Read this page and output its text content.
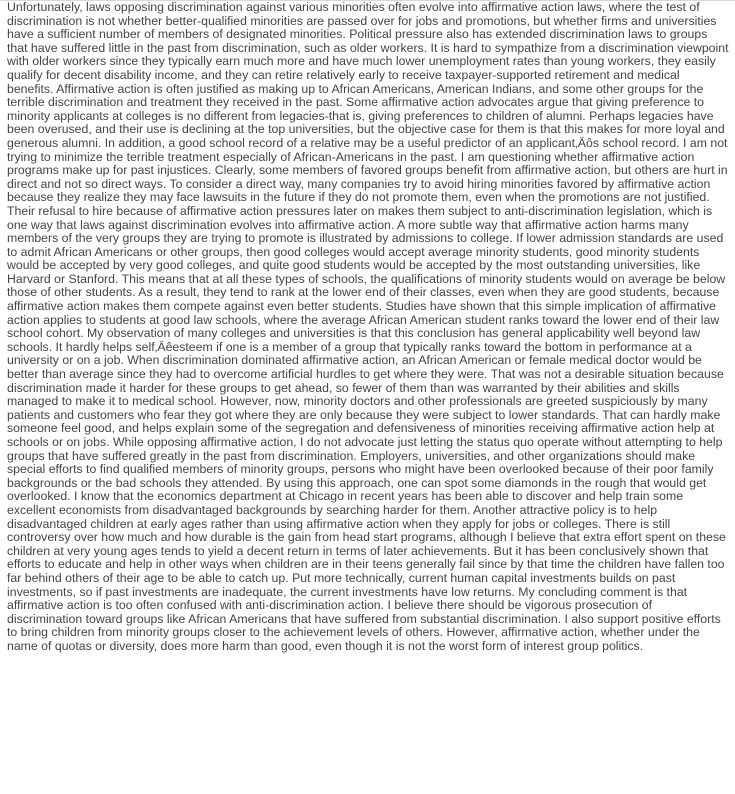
Unfortunately, laws opposing discrimination against various minorities often evolve into affirmative action laws, where the test of discrimination is not whether better-qualified minorities are passed over for jobs and promotions, but whether firms and universities have a sufficient number of members of designated minorities. Political pressure also has extended discrimination laws to groups that have suffered little in the past from discrimination, such as older workers. It is hard to sympathize from a discrimination viewpoint with older workers since they typically earn much more and have much lower unemployment rates than young workers, they easily qualify for decent disability income, and they can retire relatively early to receive taxpayer-supported retirement and medical benefits. Affirmative action is often justified as making up to African Americans, American Indians, and some other groups for the terrible discrimination and treatment they received in the past. Some affirmative action advocates argue that giving preference to minority applicants at colleges is no different from legacies-that is, giving preferences to children of alumni. Perhaps legacies have been overused, and their use is declining at the top universities, but the objective case for them is that this makes for more loyal and generous alumni. In addition, a good school record of a relative may be a useful predictor of an applicant‚Äôs school record. I am not trying to minimize the terrible treatment especially of African-Americans in the past. I am questioning whether affirmative action programs make up for past injustices. Clearly, some members of favored groups benefit from affirmative action, but others are hurt in direct and not so direct ways. To consider a direct way, many companies try to avoid hiring minorities favored by affirmative action because they realize they may face lawsuits in the future if they do not promote them, even when the promotions are not justified. Their refusal to hire because of affirmative action pressures later on makes them subject to anti-discrimination legislation, which is one way that laws against discrimination evolves into affirmative action. A more subtle way that affirmative action harms many members of the very groups they are trying to promote is illustrated by admissions to college. If lower admission standards are used to admit African Americans or other groups, then good colleges would accept average minority students, good minority students would be accepted by very good colleges, and quite good students would be accepted by the most outstanding universities, like Harvard or Stanford. This means that at all these types of schools, the qualifications of minority students would on average be below those of other students. As a result, they tend to rank at the lower end of their classes, even when they are good students, because affirmative action makes them compete against even better students. Studies have shown that this simple implication of affirmative action applies to students at good law schools, where the average African American student ranks toward the lower end of their law school cohort. My observation of many colleges and universities is that this conclusion has general applicability well beyond law schools. It hardly helps self‚Äêesteem if one is a member of a group that typically ranks toward the bottom in performance at a university or on a job. When discrimination dominated affirmative action, an African American or female medical doctor would be better than average since they had to overcome artificial hurdles to get where they were. That was not a desirable situation because discrimination made it harder for these groups to get ahead, so fewer of them than was warranted by their abilities and skills managed to make it to medical school. However, now, minority doctors and other professionals are greeted suspiciously by many patients and customers who fear they got where they are only because they were subject to lower standards. That can hardly make someone feel good, and helps explain some of the segregation and defensiveness of minorities receiving affirmative action help at schools or on jobs. While opposing affirmative action, I do not advocate just letting the status quo operate without attempting to help groups that have suffered greatly in the past from discrimination. Employers, universities, and other organizations should make special efforts to find qualified members of minority groups, persons who might have been overlooked because of their poor family backgrounds or the bad schools they attended. By using this approach, one can spot some diamonds in the rough that would get overlooked. I know that the economics department at Chicago in recent years has been able to discover and help train some excellent economists from disadvantaged backgrounds by searching harder for them. Another attractive policy is to help disadvantaged children at early ages rather than using affirmative action when they apply for jobs or colleges. There is still controversy over how much and how durable is the gain from head start programs, although I believe that extra effort spent on these children at very young ages tends to yield a decent return in terms of later achievements. But it has been conclusively shown that efforts to educate and help in other ways when children are in their teens generally fail since by that time the children have fallen too far behind others of their age to be able to catch up. Put more technically, current human capital investments builds on past investments, so if past investments are inadequate, the current investments have low returns. My concluding comment is that affirmative action is too often confused with anti-discrimination action. I believe there should be vigorous prosecution of discrimination toward groups like African Americans that have suffered from substantial discrimination. I also support positive efforts to bring children from minority groups closer to the achievement levels of others. However, affirmative action, whether under the name of quotas or diversity, does more harm than good, even though it is not the worst form of interest group politics.
